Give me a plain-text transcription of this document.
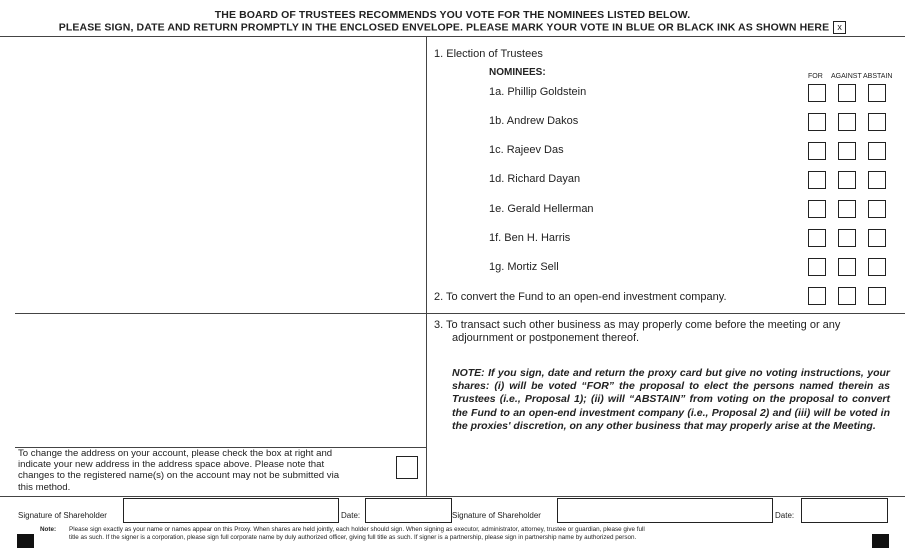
THE BOARD OF TRUSTEES RECOMMENDS YOU VOTE FOR THE NOMINEES LISTED BELOW.
PLEASE SIGN, DATE AND RETURN PROMPTLY IN THE ENCLOSED ENVELOPE. PLEASE MARK YOUR VOTE IN BLUE OR BLACK INK AS SHOWN HERE x
1. Election of Trustees
NOMINEES:	FOR AGAINST ABSTAIN
1a. Phillip Goldstein
1b. Andrew Dakos
1c. Rajeev Das
1d. Richard Dayan
1e. Gerald Hellerman
1f. Ben H. Harris
1g. Mortiz Sell
2. To convert the Fund to an open-end investment company.
3. To transact such other business as may properly come before the meeting or any
adjournment or postponement thereof.
NOTE: If you sign, date and return the proxy card but give no voting instructions, your shares: (i) will be voted “FOR” the proposal to elect the persons named therein as Trustees (i.e., Proposal 1); (ii) will “ABSTAIN” from voting on the proposal to convert the Fund to an open-end investment company (i.e., Proposal 2) and (iii) will be voted in the proxies' discretion, on any other business that may properly arise at the Meeting.
To change the address on your account, please check the box at right and
indicate your new address in the address space above. Please note that
changes to the registered name(s) on the account may not be submitted via
this method.
Signature of Shareholder	Date:	Signature of Shareholder	Date:
Note: Please sign exactly as your name or names appear on this Proxy. When shares are held jointly, each holder should sign. When signing as executor, administrator, attorney, trustee or guardian, please give full
title as such. If the signer is a corporation, please sign full corporate name by duly authorized officer, giving full title as such. If signer is a partnership, please sign in partnership name by authorized person.
